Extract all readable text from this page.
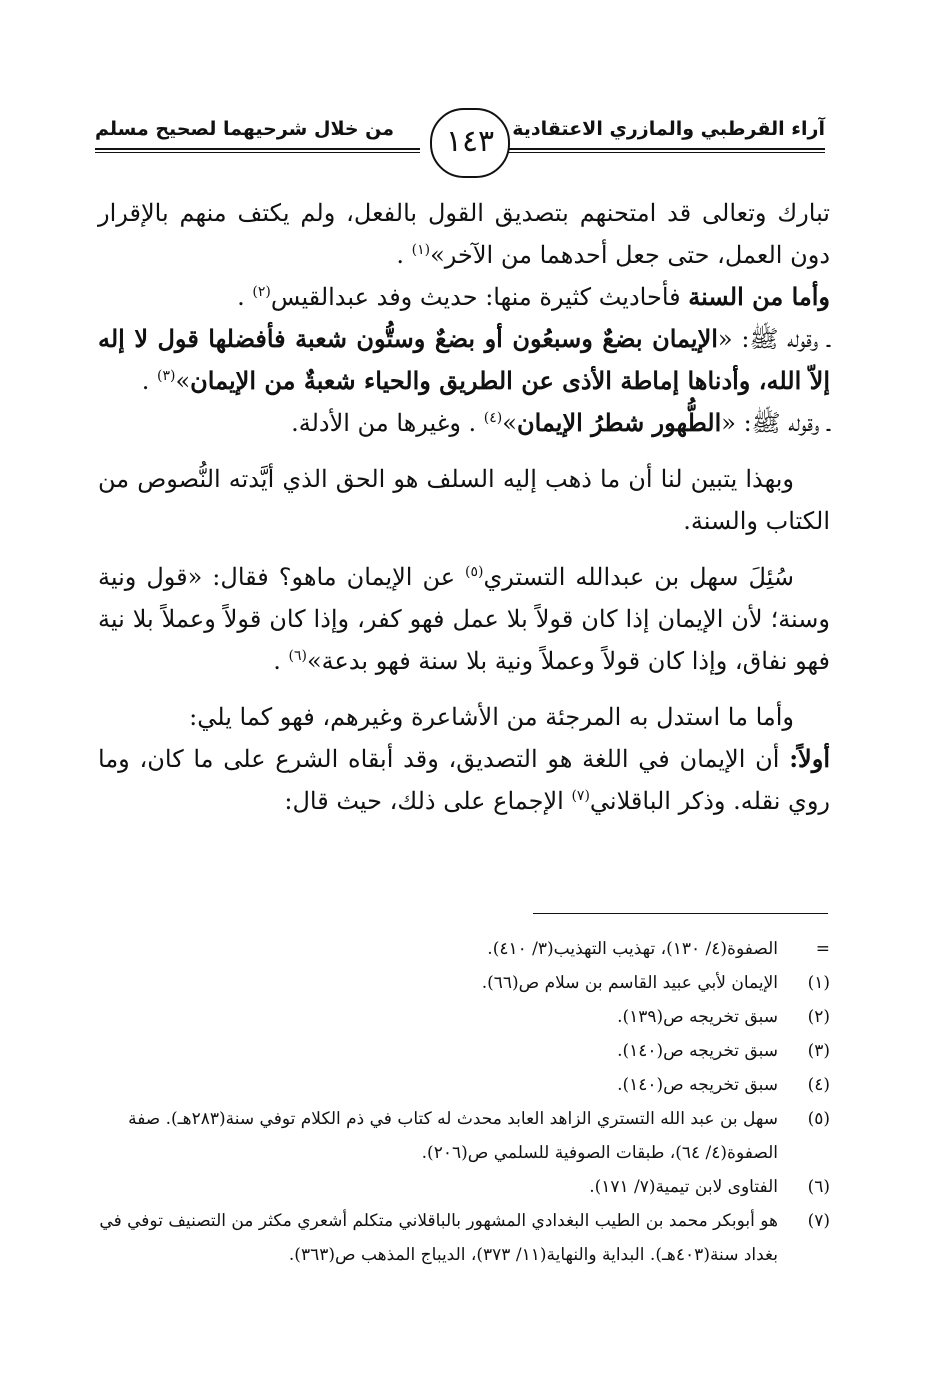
آراء القرطبي والمازري الاعتقادية
١٤٣
من خلال شرحيهما لصحيح مسلم

تبارك وتعالى قد امتحنهم بتصديق القول بالفعل، ولم يكتف منهم بالإقرار دون العمل، حتى جعل أحدهما من الآخر»$^{(١)}$ .

وأما من السنة فأحاديث كثيرة منها: حديث وفد عبدالقيس$^{(٢)}$ .

ـ وقوله ﷺ: «الإيمان بضعٌ وسبعُون أو بضعٌ وستُّون شعبة فأفضلها قول لا إله إلاّ الله، وأدناها إماطة الأذى عن الطريق والحياء شعبةٌ من الإيمان»$^{(٣)}$ .

ـ وقوله ﷺ: «الطُّهور شطرُ الإيمان»$^{(٤)}$ . وغيرها من الأدلة.

وبهذا يتبين لنا أن ما ذهب إليه السلف هو الحق الذي أيَّدته النُّصوص من الكتاب والسنة.

سُئِلَ سهل بن عبدالله التستري$^{(٥)}$ عن الإيمان ماهو؟ فقال: «قول ونية وسنة؛ لأن الإيمان إذا كان قولاً بلا عمل فهو كفر، وإذا كان قولاً وعملاً بلا نية فهو نفاق، وإذا كان قولاً وعملاً ونية بلا سنة فهو بدعة»$^{(٦)}$ .

وأما ما استدل به المرجئة من الأشاعرة وغيرهم، فهو كما يلي:

أولاً: أن الإيمان في اللغة هو التصديق، وقد أبقاه الشرع على ما كان، وما روي نقله. وذكر الباقلاني$^{(٧)}$ الإجماع على ذلك، حيث قال:

=
الصفوة(٤/ ١٣٠)، تهذيب التهذيب(٣/ ٤١٠).
(١)
الإيمان لأبي عبيد القاسم بن سلام ص(٦٦).
(٢)
سبق تخريجه ص(١٣٩).
(٣)
سبق تخريجه ص(١٤٠).
(٤)
سبق تخريجه ص(١٤٠).
(٥)
سهل بن عبد الله التستري الزاهد العابد محدث له كتاب في ذم الكلام توفي سنة(٢٨٣هـ). صفة الصفوة(٤/ ٦٤)، طبقات الصوفية للسلمي ص(٢٠٦).
(٦)
الفتاوى لابن تيمية(٧/ ١٧١).
(٧)
هو أبوبكر محمد بن الطيب البغدادي المشهور بالباقلاني متكلم أشعري مكثر من التصنيف توفي في بغداد سنة(٤٠٣هـ). البداية والنهاية(١١/ ٣٧٣)، الديباج المذهب ص(٣٦٣).
